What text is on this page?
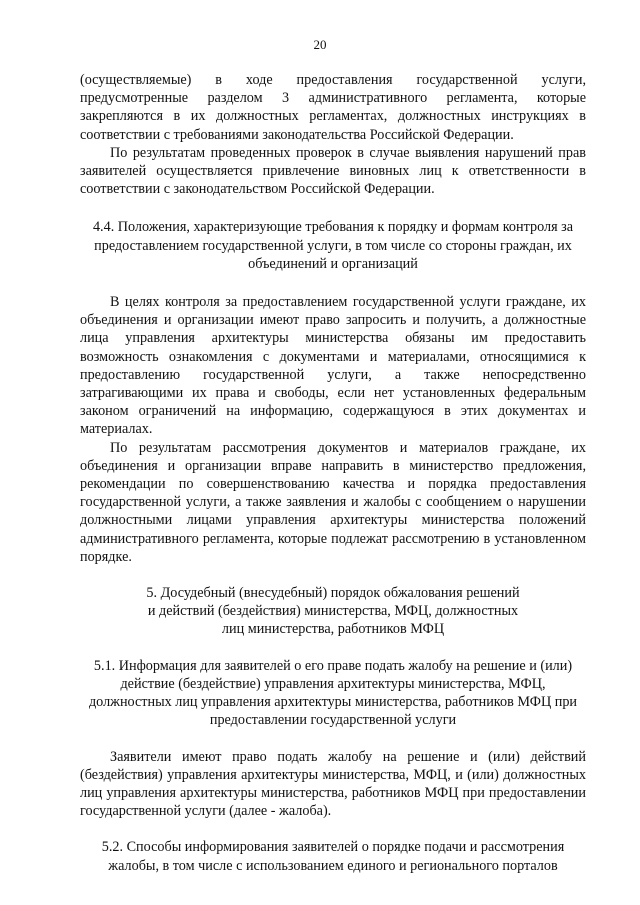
20

(осуществляемые) в ходе предоставления государственной услуги, предусмотренные разделом 3 административного регламента, которые закрепляются в их должностных регламентах, должностных инструкциях в соответствии с требованиями законодательства Российской Федерации.

По результатам проведенных проверок в случае выявления нарушений прав заявителей осуществляется привлечение виновных лиц к ответственности в соответствии с законодательством Российской Федерации.

4.4. Положения, характеризующие требования к порядку и формам контроля за предоставлением государственной услуги, в том числе со стороны граждан, их объединений и организаций

В целях контроля за предоставлением государственной услуги граждане, их объединения и организации имеют право запросить и получить, а должностные лица управления архитектуры министерства обязаны им предоставить возможность ознакомления с документами и материалами, относящимися к предоставлению государственной услуги, а также непосредственно затрагивающими их права и свободы, если нет установленных федеральным законом ограничений на информацию, содержащуюся в этих документах и материалах.

По результатам рассмотрения документов и материалов граждане, их объединения и организации вправе направить в министерство предложения, рекомендации по совершенствованию качества и порядка предоставления государственной услуги, а также заявления и жалобы с сообщением о нарушении должностными лицами управления архитектуры министерства положений административного регламента, которые подлежат рассмотрению в установленном порядке.

5. Досудебный (внесудебный) порядок обжалования решений

и действий (бездействия) министерства, МФЦ, должностных

лиц министерства, работников МФЦ

5.1. Информация для заявителей о его праве подать жалобу на решение и (или) действие (бездействие) управления архитектуры министерства, МФЦ, должностных лиц управления архитектуры министерства, работников МФЦ при предоставлении государственной услуги

Заявители имеют право подать жалобу на решение и (или) действий (бездействия) управления архитектуры министерства, МФЦ, и (или) должностных лиц управления архитектуры министерства, работников МФЦ при предоставлении государственной услуги (далее - жалоба).

5.2. Способы информирования заявителей о порядке подачи и рассмотрения жалобы, в том числе с использованием единого и регионального порталов
